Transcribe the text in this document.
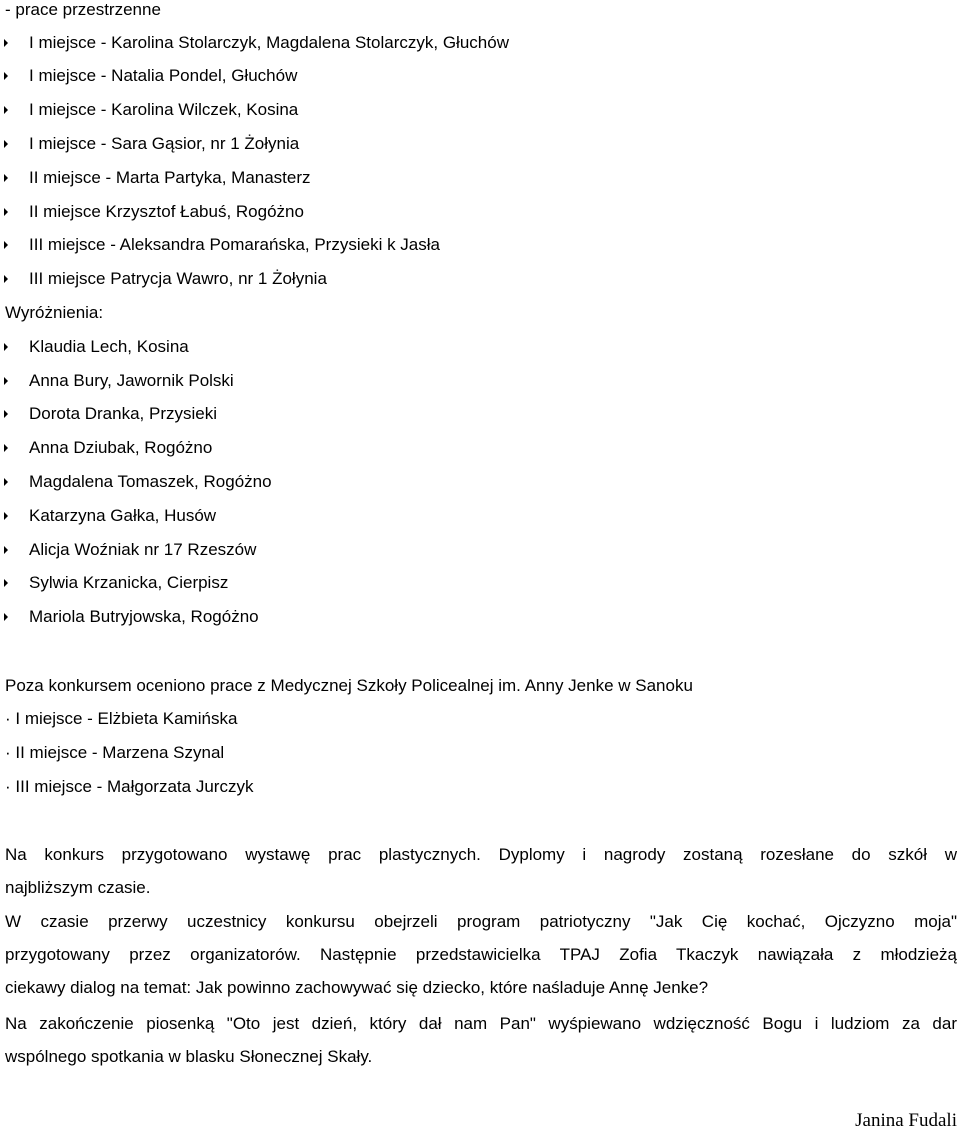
- prace przestrzenne
I miejsce - Karolina Stolarczyk, Magdalena Stolarczyk, Głuchów
I miejsce - Natalia Pondel, Głuchów
I miejsce - Karolina Wilczek, Kosina
I miejsce - Sara Gąsior, nr 1 Żołynia
II miejsce - Marta Partyka, Manasterz
II miejsce Krzysztof Łabuś, Rogóżno
III miejsce - Aleksandra Pomarańska, Przysieki k Jasła
III miejsce Patrycja Wawro, nr 1 Żołynia
Wyróżnienia:
Klaudia Lech, Kosina
Anna Bury, Jawornik Polski
Dorota Dranka, Przysieki
Anna Dziubak, Rogóżno
Magdalena Tomaszek, Rogóżno
Katarzyna Gałka, Husów
Alicja Woźniak nr 17 Rzeszów
Sylwia Krzanicka, Cierpisz
Mariola Butryjowska, Rogóżno
Poza konkursem oceniono prace z Medycznej Szkoły Policealnej im. Anny Jenke w Sanoku
· I miejsce - Elżbieta Kamińska
· II miejsce - Marzena Szynal
· III miejsce - Małgorzata Jurczyk
Na konkurs przygotowano wystawę prac plastycznych. Dyplomy i nagrody zostaną rozesłane do szkół w
najbliższym czasie.
W czasie przerwy uczestnicy konkursu obejrzeli program patriotyczny "Jak Cię kochać, Ojczyzno moja"
przygotowany przez organizatorów. Następnie przedstawicielka TPAJ Zofia Tkaczyk nawiązała z młodzieżą
ciekawy dialog na temat: Jak powinno zachowywać się dziecko, które naśladuje Annę Jenke?
Na zakończenie piosenką "Oto jest dzień, który dał nam Pan" wyśpiewano wdzięczność Bogu i ludziom za dar
wspólnego spotkania w blasku Słonecznej Skały.
Janina Fudali
